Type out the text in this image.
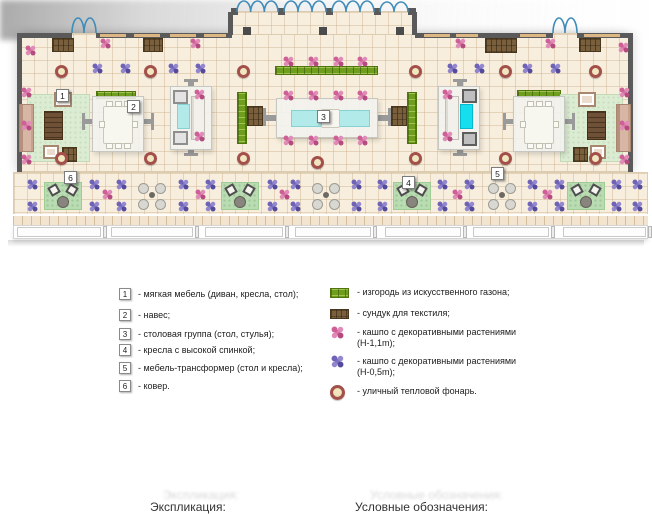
1
2
3
4
5
6
Экспликация:
Экспликация:
Условные обозначения:
Условные обозначения:
1	- мягкая мебель (диван, кресла, стол);
2	- навес;
3	- столовая группа (стол, стулья);
4	- кресла с высокой спинкой;
5	- мебель-трансформер (стол и кресла);
6	- ковер.
- изгородь из искусственного газона;
- сундук для текстиля;
- кашпо с декоративными растениями
(H-1,1m);
- кашпо с декоративными растениями
(H-0,5m);
- уличный тепловой фонарь.
